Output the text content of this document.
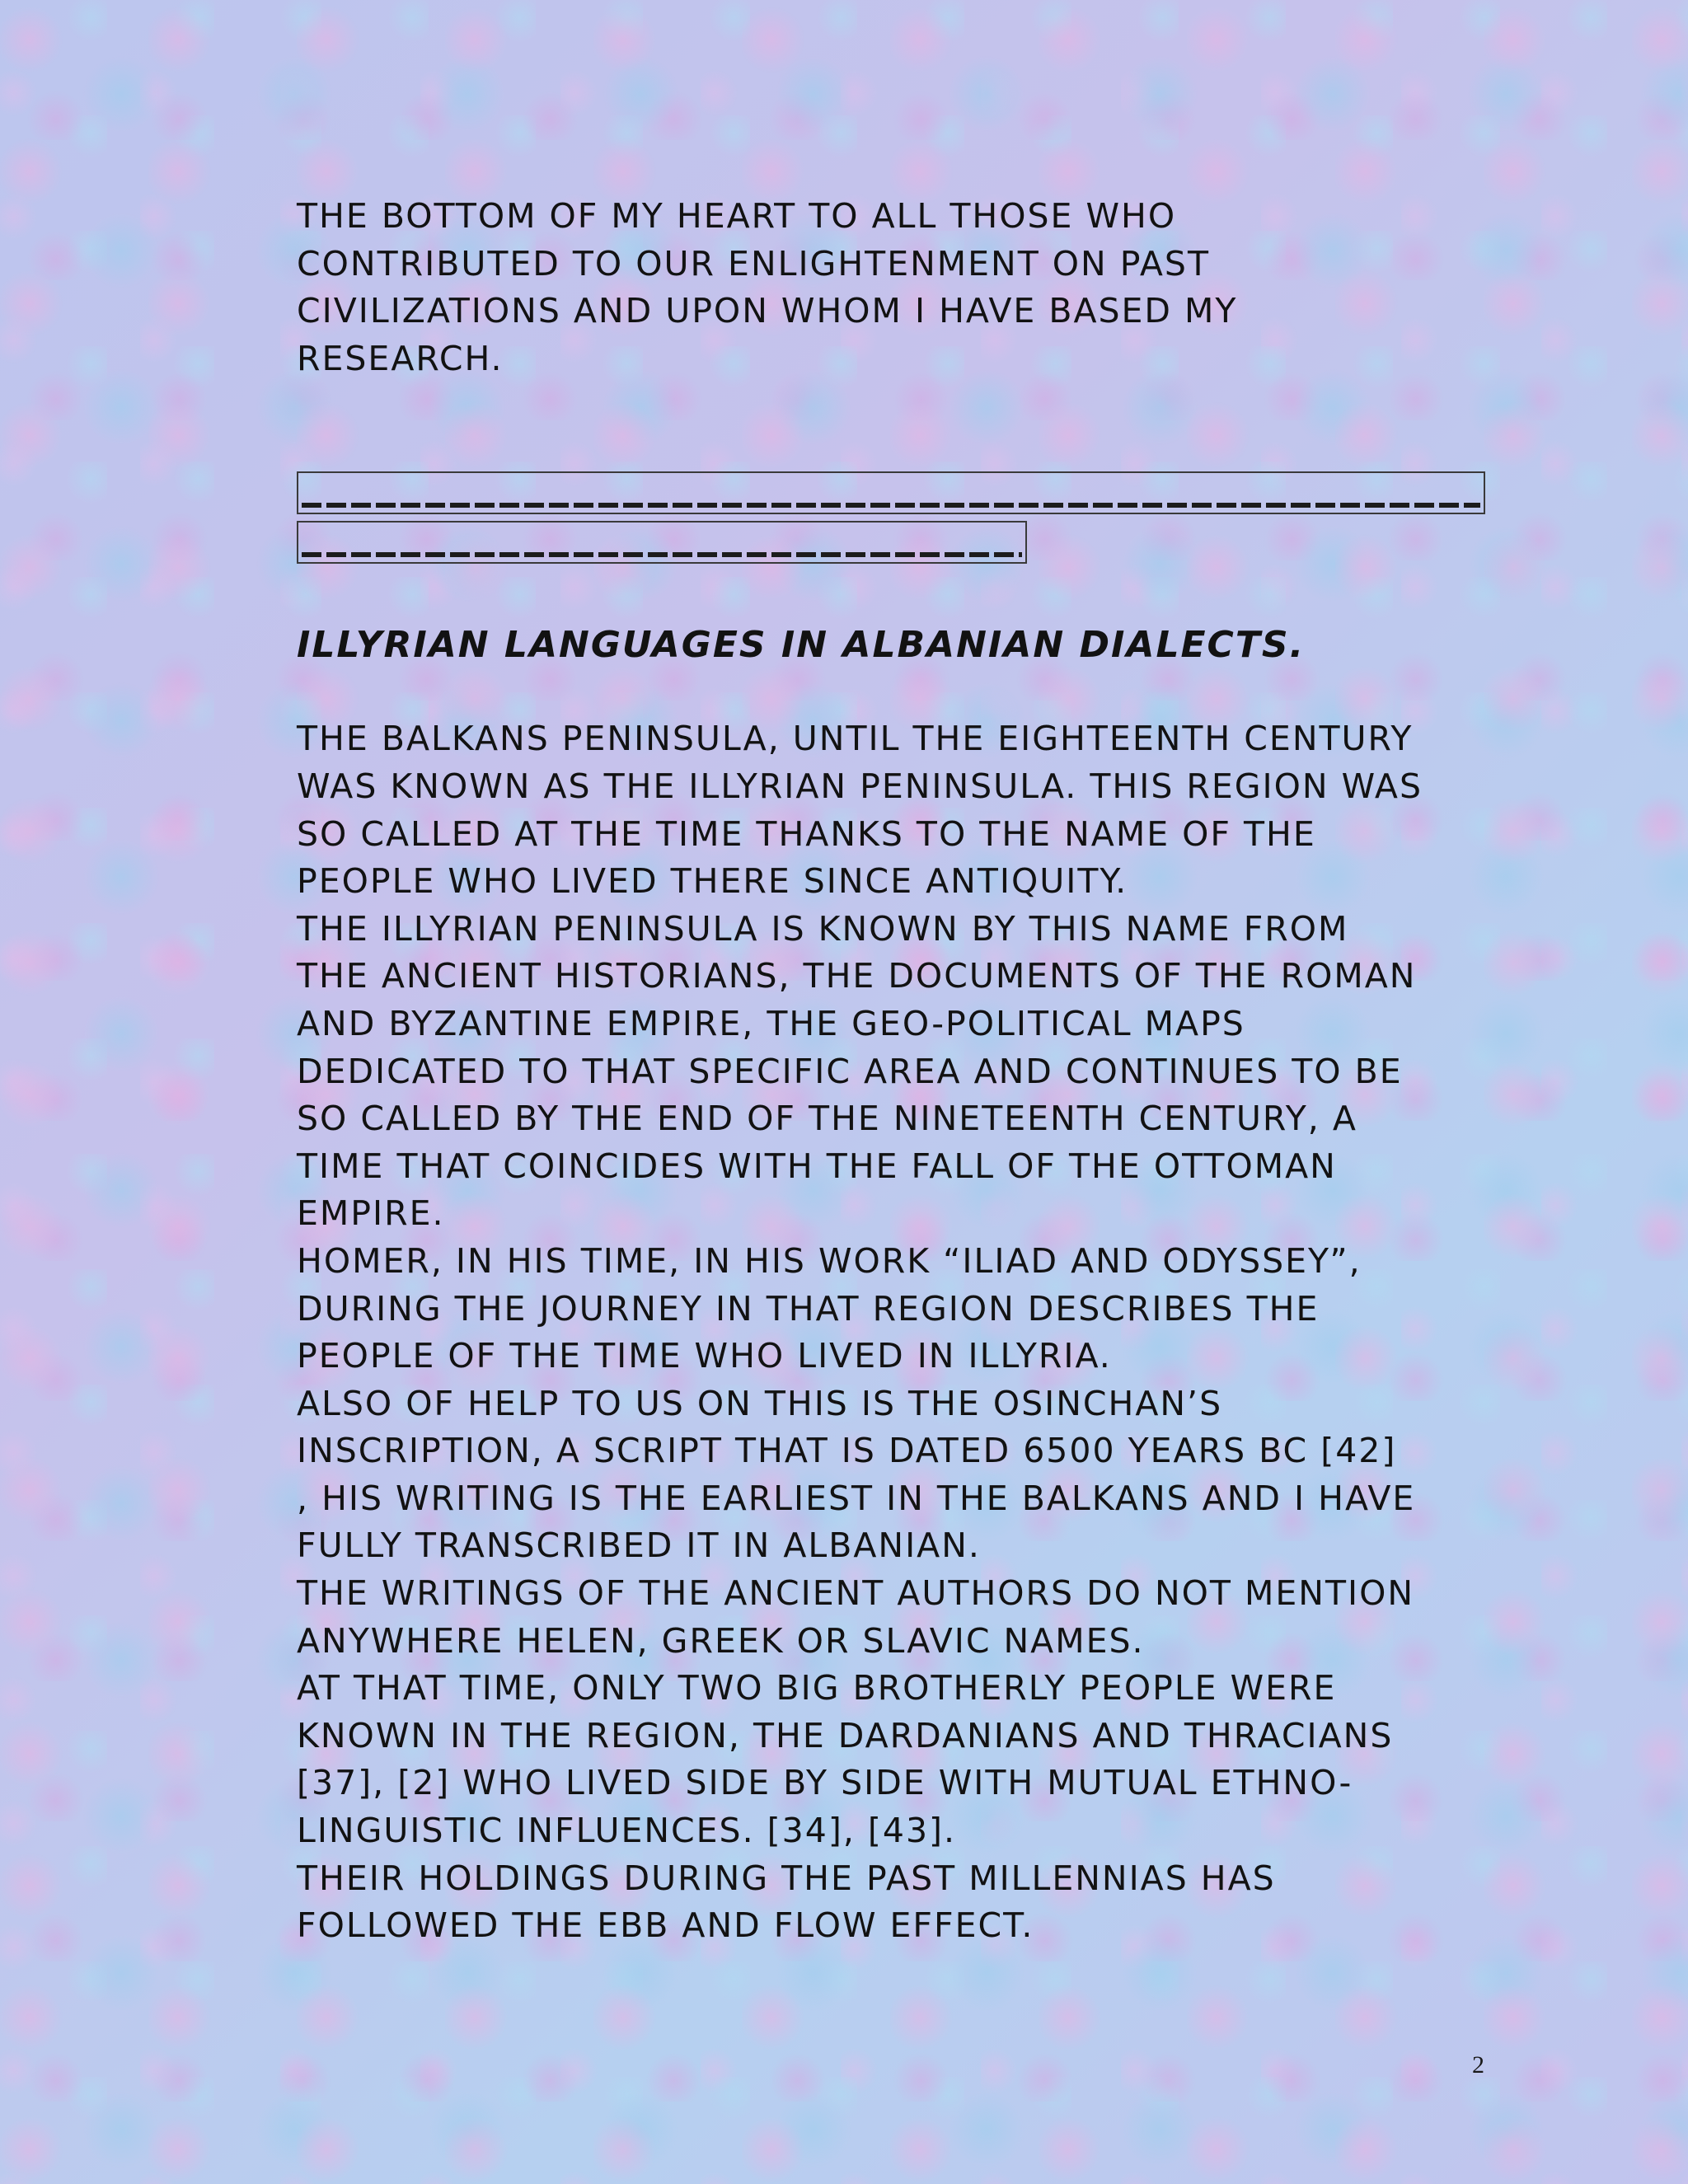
THE BOTTOM OF MY HEART TO ALL THOSE WHO
CONTRIBUTED TO OUR ENLIGHTENMENT ON PAST
CIVILIZATIONS AND UPON WHOM I HAVE BASED MY
RESEARCH.

ILLYRIAN LANGUAGES IN ALBANIAN DIALECTS.

THE BALKANS PENINSULA, UNTIL THE EIGHTEENTH CENTURY
WAS KNOWN AS THE ILLYRIAN PENINSULA. THIS REGION WAS
SO CALLED AT THE TIME THANKS TO THE NAME OF THE
PEOPLE WHO LIVED THERE SINCE ANTIQUITY.
THE ILLYRIAN PENINSULA IS KNOWN BY THIS NAME FROM
THE ANCIENT HISTORIANS, THE DOCUMENTS OF THE ROMAN
AND BYZANTINE EMPIRE, THE GEO-POLITICAL MAPS
DEDICATED TO THAT SPECIFIC AREA AND CONTINUES TO BE
SO CALLED BY THE END OF THE NINETEENTH CENTURY, A
TIME THAT COINCIDES WITH THE FALL OF THE OTTOMAN
EMPIRE.
HOMER, IN HIS TIME, IN HIS WORK “ILIAD AND ODYSSEY”,
DURING THE JOURNEY IN THAT REGION DESCRIBES THE
PEOPLE OF THE TIME WHO LIVED IN ILLYRIA.
ALSO OF HELP TO US ON THIS IS THE OSINCHAN’S
INSCRIPTION, A SCRIPT THAT IS DATED 6500 YEARS BC [42]
, HIS WRITING IS THE EARLIEST IN THE BALKANS AND I HAVE
FULLY TRANSCRIBED IT IN ALBANIAN.
THE WRITINGS OF THE ANCIENT AUTHORS DO NOT MENTION
ANYWHERE HELEN, GREEK OR SLAVIC NAMES.
AT THAT TIME, ONLY TWO BIG BROTHERLY PEOPLE WERE
KNOWN IN THE REGION, THE DARDANIANS AND THRACIANS
[37], [2] WHO LIVED SIDE BY SIDE WITH MUTUAL ETHNO-
LINGUISTIC INFLUENCES. [34], [43].
THEIR HOLDINGS DURING THE PAST MILLENNIAS HAS
FOLLOWED THE EBB AND FLOW EFFECT.

2
